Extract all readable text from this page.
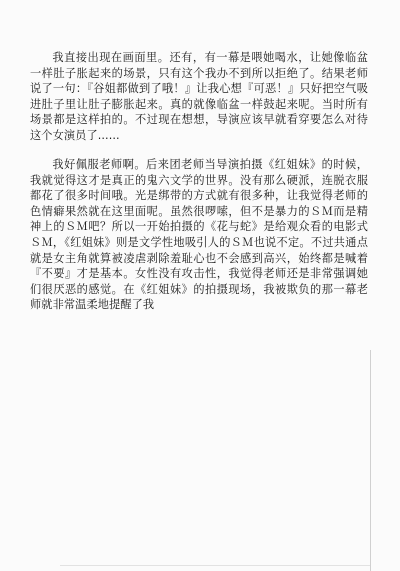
我直接出现在画面里。还有，有一幕是喂她喝水，让她像临盆一样肚子胀起来的场景，只有这个我办不到所以拒绝了。结果老师说了一句：『谷姐都做到了哦！』让我心想『可恶！』只好把空气吸进肚子里让肚子膨胀起来。真的就像临盆一样鼓起来呢。当时所有场景都是这样拍的。不过现在想想，导演应该早就看穿要怎么对待这个女演员了......
我好佩服老师啊。后来团老师当导演拍摄《红姐妹》的时候，我就觉得这才是真正的鬼六文学的世界。没有那么硬派，连脱衣服都花了很多时间哦。光是绑带的方式就有很多种，让我觉得老师的色情癖果然就在这里面呢。虽然很啰嗦，但不是暴力的ＳＭ而是精神上的ＳＭ吧？所以一开始拍摄的《花与蛇》是给观众看的电影式ＳＭ，《红姐妹》则是文学性地吸引人的ＳＭ也说不定。不过共通点就是女主角就算被凌虐剥除羞耻心也不会感到高兴，始终都是喊着『不要』才是基本。女性没有攻击性，我觉得老师还是非常强调她们很厌恶的感觉。在《红姐妹》的拍摄现场，我被欺负的那一幕老师就非常温柔地提醒了我
